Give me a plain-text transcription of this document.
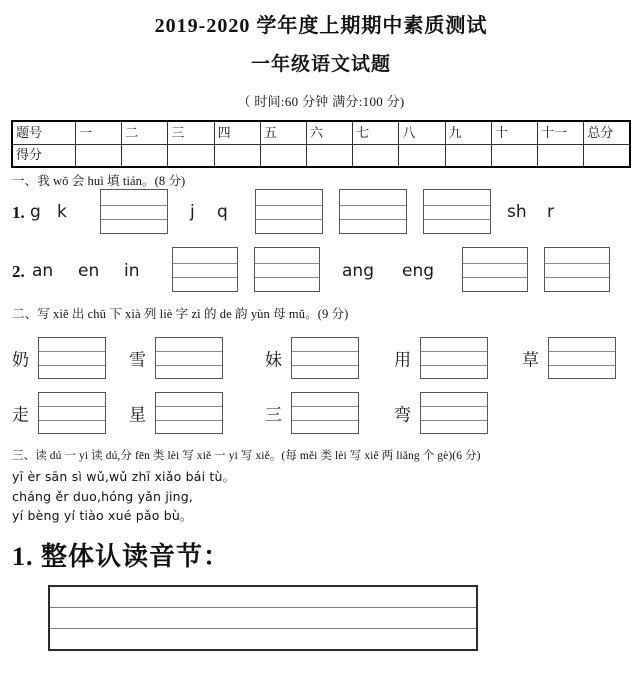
2019-2020 学年度上期期中素质测试
一年级语文试题
（ 时间:60 分钟 满分:100 分)
题号	一	二	三	四	五	六	七	八	九	十	十一	总分
得分												
一、我 wǒ 会 huì 填 tián。(8 分)
1. g k	j q	sh r
2. an en in	ang eng
二、写 xiě 出 chū 下 xià 列 liè 字 zì 的 de 韵 yùn 母 mǔ。(9 分)
奶	雪	妹	用	草
走	星	三	弯
三、读 dú 一 yi 读 dú,分 fēn 类 lèi 写 xiě 一 yi 写 xiě。(每 měi 类 lèi 写 xiě 两 liǎng 个 gè)(6 分)
yī èr sān sì wǔ,wǔ zhī xiǎo bái tù。
cháng ěr duo,hóng yǎn jing,
yí bèng yí tiào xué pǎo bù。
1. 整体认读音节：
